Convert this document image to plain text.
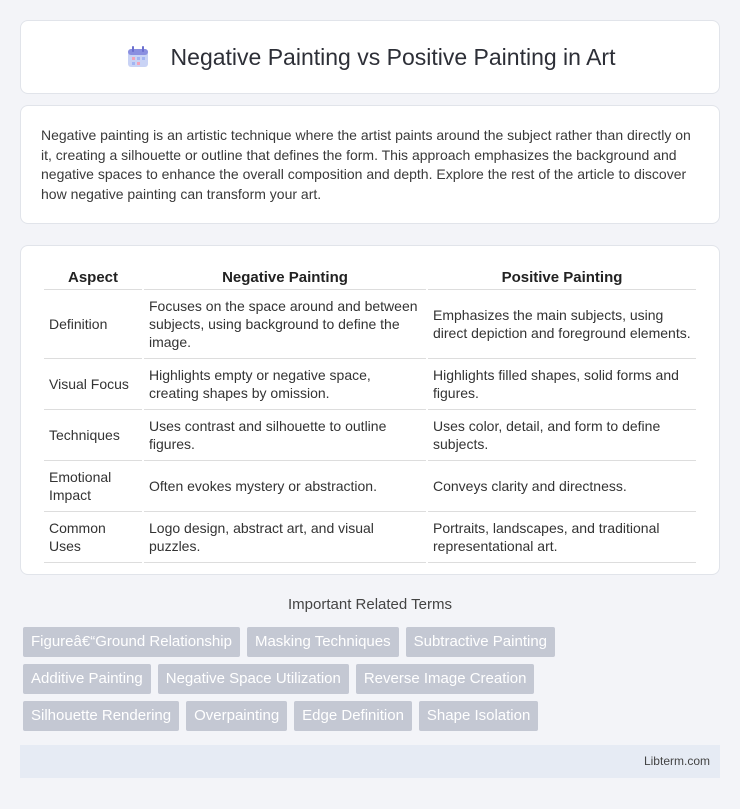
Negative Painting vs Positive Painting in Art

Negative painting is an artistic technique where the artist paints around the subject rather than directly on it, creating a silhouette or outline that defines the form. This approach emphasizes the background and negative spaces to enhance the overall composition and depth. Explore the rest of the article to discover how negative painting can transform your art.

Aspect	Negative Painting	Positive Painting
Definition	Focuses on the space around and between subjects, using background to define the image.	Emphasizes the main subjects, using direct depiction and foreground elements.
Visual Focus	Highlights empty or negative space, creating shapes by omission.	Highlights filled shapes, solid forms and figures.
Techniques	Uses contrast and silhouette to outline figures.	Uses color, detail, and form to define subjects.
Emotional Impact	Often evokes mystery or abstraction.	Conveys clarity and directness.
Common Uses	Logo design, abstract art, and visual puzzles.	Portraits, landscapes, and traditional representational art.
Important Related Terms
Figureâ€“Ground Relationship	Masking Techniques	Subtractive Painting
Additive Painting	Negative Space Utilization	Reverse Image Creation
Silhouette Rendering	Overpainting	Edge Definition	Shape Isolation
Libterm.com
